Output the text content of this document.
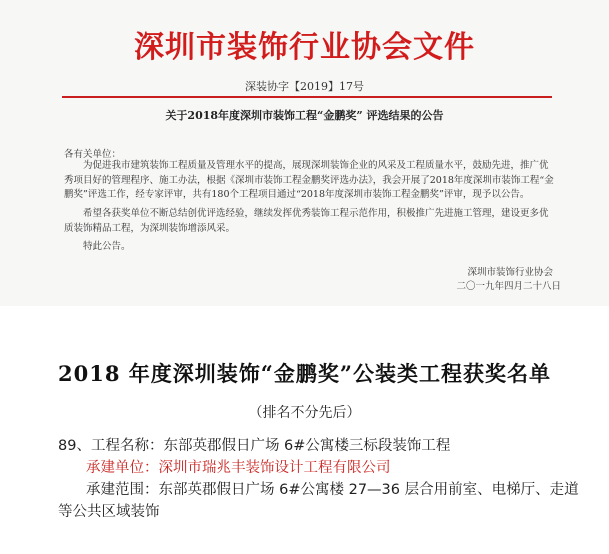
深圳市装饰行业协会文件
深装协字【2019】17号
关于2018年度深圳市装饰工程“金鹏奖” 评选结果的公告
各有关单位：

为促进我市建筑装饰工程质量及管理水平的提高，展现深圳装饰企业的风采及工程质量水平，鼓励先进，推广优秀项目好的管理程序、施工办法，根据《深圳市装饰工程金鹏奖评选办法》，我会开展了2018年度深圳市装饰工程“金鹏奖”评选工作，经专家评审，共有180个工程项目通过“2018年度深圳市装饰工程金鹏奖”评审，现予以公告。

希望各获奖单位不断总结创优评选经验，继续发挥优秀装饰工程示范作用，积极推广先进施工管理，建设更多优质装饰精品工程，为深圳装饰增添风采。

特此公告。

深圳市装饰行业协会
二〇一九年四月二十八日
2018 年度深圳装饰“金鹏奖”公装类工程获奖名单
（排名不分先后）
89、工程名称：东部英郡假日广场 6#公寓楼三标段装饰工程
承建单位：深圳市瑞兆丰装饰设计工程有限公司
承建范围：东部英郡假日广场 6#公寓楼 27—36 层合用前室、电梯厅、走道
等公共区域装饰
